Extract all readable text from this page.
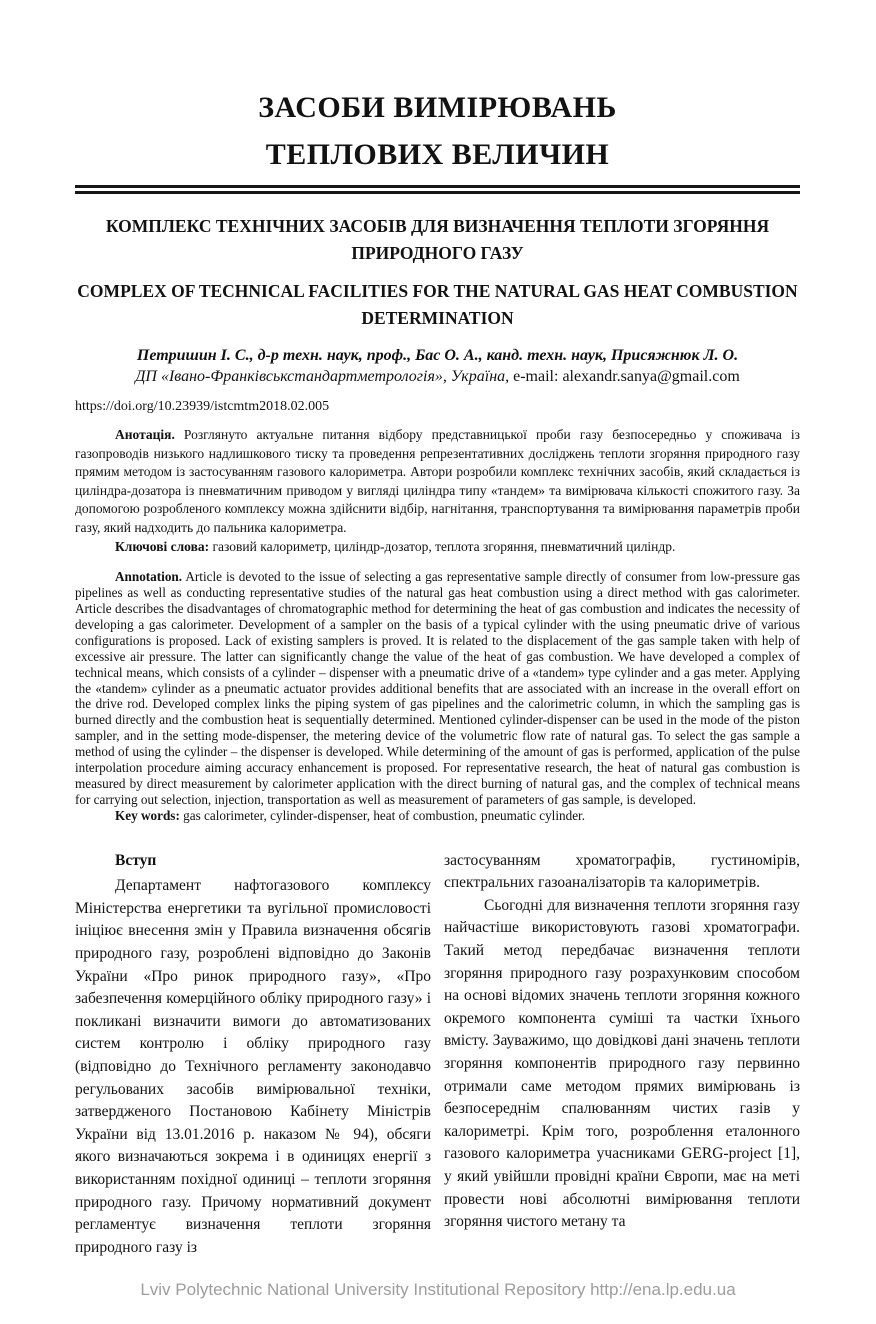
ЗАСОБИ ВИМІРЮВАНЬ
ТЕПЛОВИХ ВЕЛИЧИН
КОМПЛЕКС ТЕХНІЧНИХ ЗАСОБІВ ДЛЯ ВИЗНАЧЕННЯ ТЕПЛОТИ ЗГОРЯННЯ ПРИРОДНОГО ГАЗУ
COMPLEX OF TECHNICAL FACILITIES FOR THE NATURAL GAS HEAT COMBUSTION DETERMINATION
Петришин І. С., д-р техн. наук, проф., Бас О. А., канд. техн. наук, Присяжнюк Л. О.
ДП «Івано-Франківськстандартметрологія», Україна, e-mail: alexandr.sanya@gmail.com
https://doi.org/10.23939/istcmtm2018.02.005

Анотація. Розглянуто актуальне питання відбору представницької проби газу безпосередньо у споживача із газопроводів низького надлишкового тиску та проведення репрезентативних досліджень теплоти згоряння природного газу прямим методом із застосуванням газового калориметра. Автори розробили комплекс технічних засобів, який складається із циліндра-дозатора із пневматичним приводом у вигляді циліндра типу «тандем» та вимірювача кількості спожитого газу. За допомогою розробленого комплексу можна здійснити відбір, нагнітання, транспортування та вимірювання параметрів проби газу, який надходить до пальника калориметра.

Ключові слова: газовий калориметр, циліндр-дозатор, теплота згоряння, пневматичний циліндр.

Annotation. Article is devoted to the issue of selecting a gas representative sample directly of consumer from low-pressure gas pipelines as well as conducting representative studies of the natural gas heat combustion using a direct method with gas calorimeter. Article describes the disadvantages of chromatographic method for determining the heat of gas combustion and indicates the necessity of developing a gas calorimeter. Development of a sampler on the basis of a typical cylinder with the using pneumatic drive of various configurations is proposed. Lack of existing samplers is proved. It is related to the displacement of the gas sample taken with help of excessive air pressure. The latter can significantly change the value of the heat of gas combustion. We have developed a complex of technical means, which consists of a cylinder – dispenser with a pneumatic drive of a «tandem» type cylinder and a gas meter. Applying the «tandem» cylinder as a pneumatic actuator provides additional benefits that are associated with an increase in the overall effort on the drive rod. Developed complex links the piping system of gas pipelines and the calorimetric column, in which the sampling gas is burned directly and the combustion heat is sequentially determined. Mentioned cylinder-dispenser can be used in the mode of the piston sampler, and in the setting mode-dispenser, the metering device of the volumetric flow rate of natural gas. To select the gas sample a method of using the cylinder – the dispenser is developed. While determining of the amount of gas is performed, application of the pulse interpolation procedure aiming accuracy enhancement is proposed. For representative research, the heat of natural gas combustion is measured by direct measurement by calorimeter application with the direct burning of natural gas, and the complex of technical means for carrying out selection, injection, transportation as well as measurement of parameters of gas sample, is developed.

Key words: gas calorimeter, cylinder-dispenser, heat of combustion, pneumatic cylinder.

Вступ

Департамент нафтогазового комплексу Міністерства енергетики та вугільної промисловості ініціює внесення змін у Правила визначення обсягів природного газу, розроблені відповідно до Законів України «Про ринок природного газу», «Про забезпечення комерційного обліку природного газу» і покликані визначити вимоги до автоматизованих систем контролю і обліку природного газу (відповідно до Технічного регламенту законодавчо регульованих засобів вимірювальної техніки, затвердженого Постановою Кабінету Міністрів України від 13.01.2016 р. наказом № 94), обсяги якого визначаються зокрема і в одиницях енергії з використанням похідної одиниці – теплоти згоряння природного газу. Причому нормативний документ регламентує визначення теплоти згоряння природного газу із

застосуванням хроматографів, густиномірів, спектральних газоаналізаторів та калориметрів.

Сьогодні для визначення теплоти згоряння газу найчастіше використовують газові хроматографи. Такий метод передбачає визначення теплоти згоряння природного газу розрахунковим способом на основі відомих значень теплоти згоряння кожного окремого компонента суміші та частки їхнього вмісту. Зауважимо, що довідкові дані значень теплоти згоряння компонентів природного газу первинно отримали саме методом прямих вимірювань із безпосереднім спалюванням чистих газів у калориметрі. Крім того, розроблення еталонного газового калориметра учасниками GERG-project [1], у який увійшли провідні країни Європи, має на меті провести нові абсолютні вимірювання теплоти згоряння чистого метану та

Lviv Polytechnic National University Institutional Repository http://ena.lp.edu.ua
